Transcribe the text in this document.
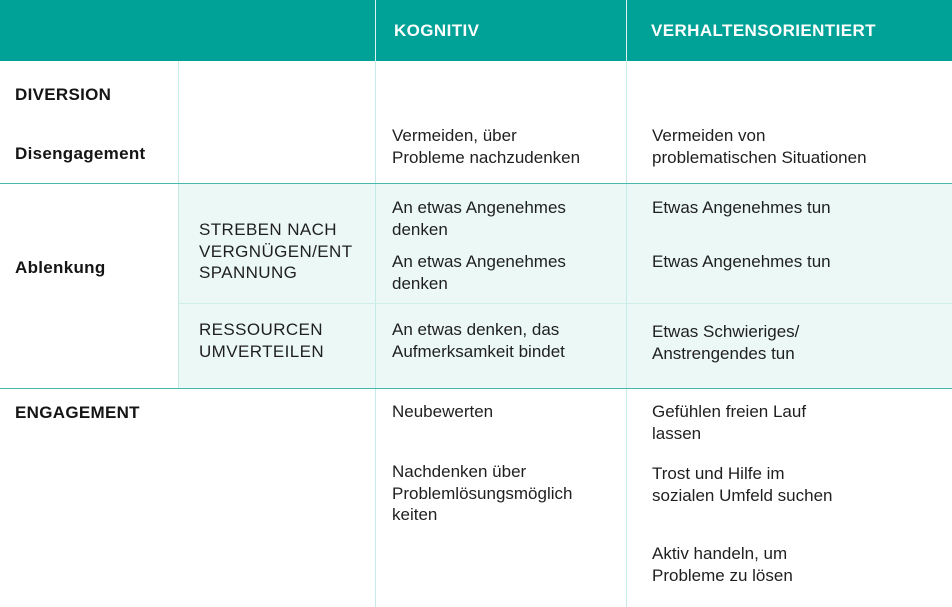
KOGNITIV	VERHALTENSORIENTIERT
DIVERSION
Disengagement
Vermeiden, über
Probleme nachzudenken
Vermeiden von
problematischen Situationen
Ablenkung
STREBEN NACH
VERGNÜGEN/ENT
SPANNUNG
An etwas Angenehmes
denken
An etwas Angenehmes
denken
Etwas Angenehmes tun
Etwas Angenehmes tun
RESSOURCEN
UMVERTEILEN
An etwas denken, das
Aufmerksamkeit bindet
Etwas Schwieriges/
Anstrengendes tun
ENGAGEMENT	Neubewerten
Nachdenken über
Problemlösungsmöglich
keiten
Gefühlen freien Lauf
lassen
Trost und Hilfe im
sozialen Umfeld suchen
Aktiv handeln, um
Probleme zu lösen
